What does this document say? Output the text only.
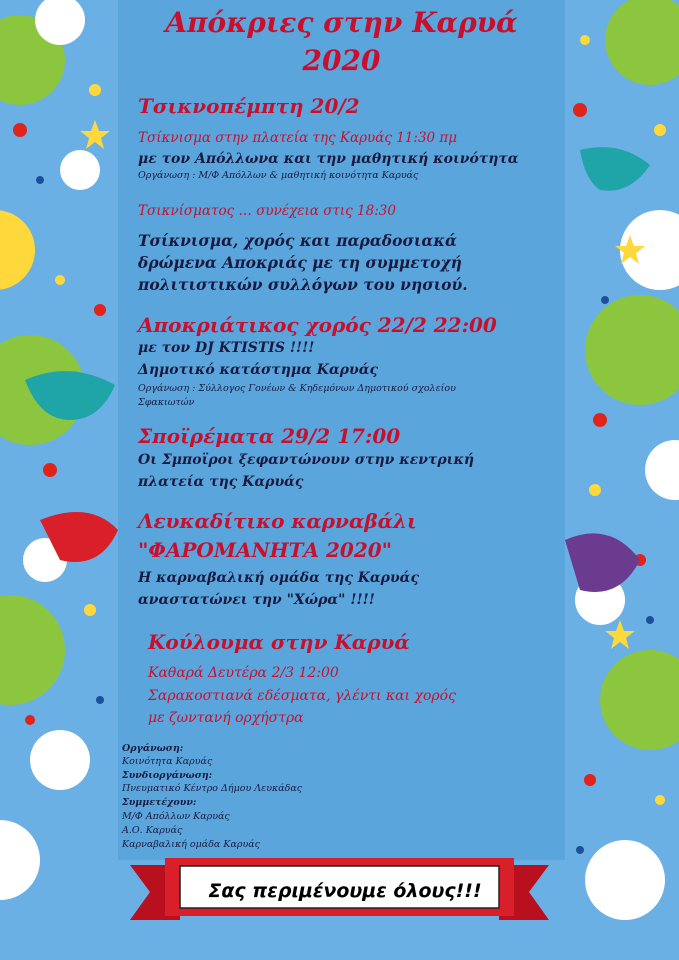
Απόκριες στην Καρυά
2020
Τσικνοπέμπτη 20/2
Τσίκνισμα στην πλατεία της Καρυάς 11:30 πμ
με τον Απόλλωνα και την μαθητική κοινότητα
Οργάνωση : Μ/Φ Απόλλων & μαθητική κοινότητα Καρυάς
Τσικνίσματος … συνέχεια στις 18:30
Τσίκνισμα, χορός και παραδοσιακά
δρώμενα Αποκριάς με τη συμμετοχή
πολιτιστικών συλλόγων του νησιού.
Αποκριάτικος χορός 22/2 22:00
με τον DJ KTISTIS !!!!
Δημοτικό κατάστημα Καρυάς
Οργάνωση : Σύλλογος Γονέων & Κηδεμόνων Δημοτικού σχολείου
Σφακιωτών
Σποϊρέματα 29/2 17:00
Οι Σμποϊροι ξεφαντώνουν στην κεντρική
πλατεία της Καρυάς
Λευκαδίτικο καρναβάλι
"ΦΑΡΟΜΑΝΗΤΑ 2020"
Η καρναβαλική ομάδα της Καρυάς
αναστατώνει την "Χώρα" !!!!
Κούλουμα στην Καρυά
Καθαρά Δευτέρα 2/3 12:00
Σαρακοστιανά εδέσματα, γλέντι και χορός
με ζωντανή ορχήστρα
Οργάνωση:
Κοινότητα Καρυάς
Συνδιοργάνωση:
Πνευματικό Κέντρο Δήμου Λευκάδας
Συμμετέχουν:
Μ/Φ Απόλλων Καρυάς
Α.Ο. Καρυάς
Καρναβαλική ομάδα Καρυάς
Σας περιμένουμε όλους!!!
